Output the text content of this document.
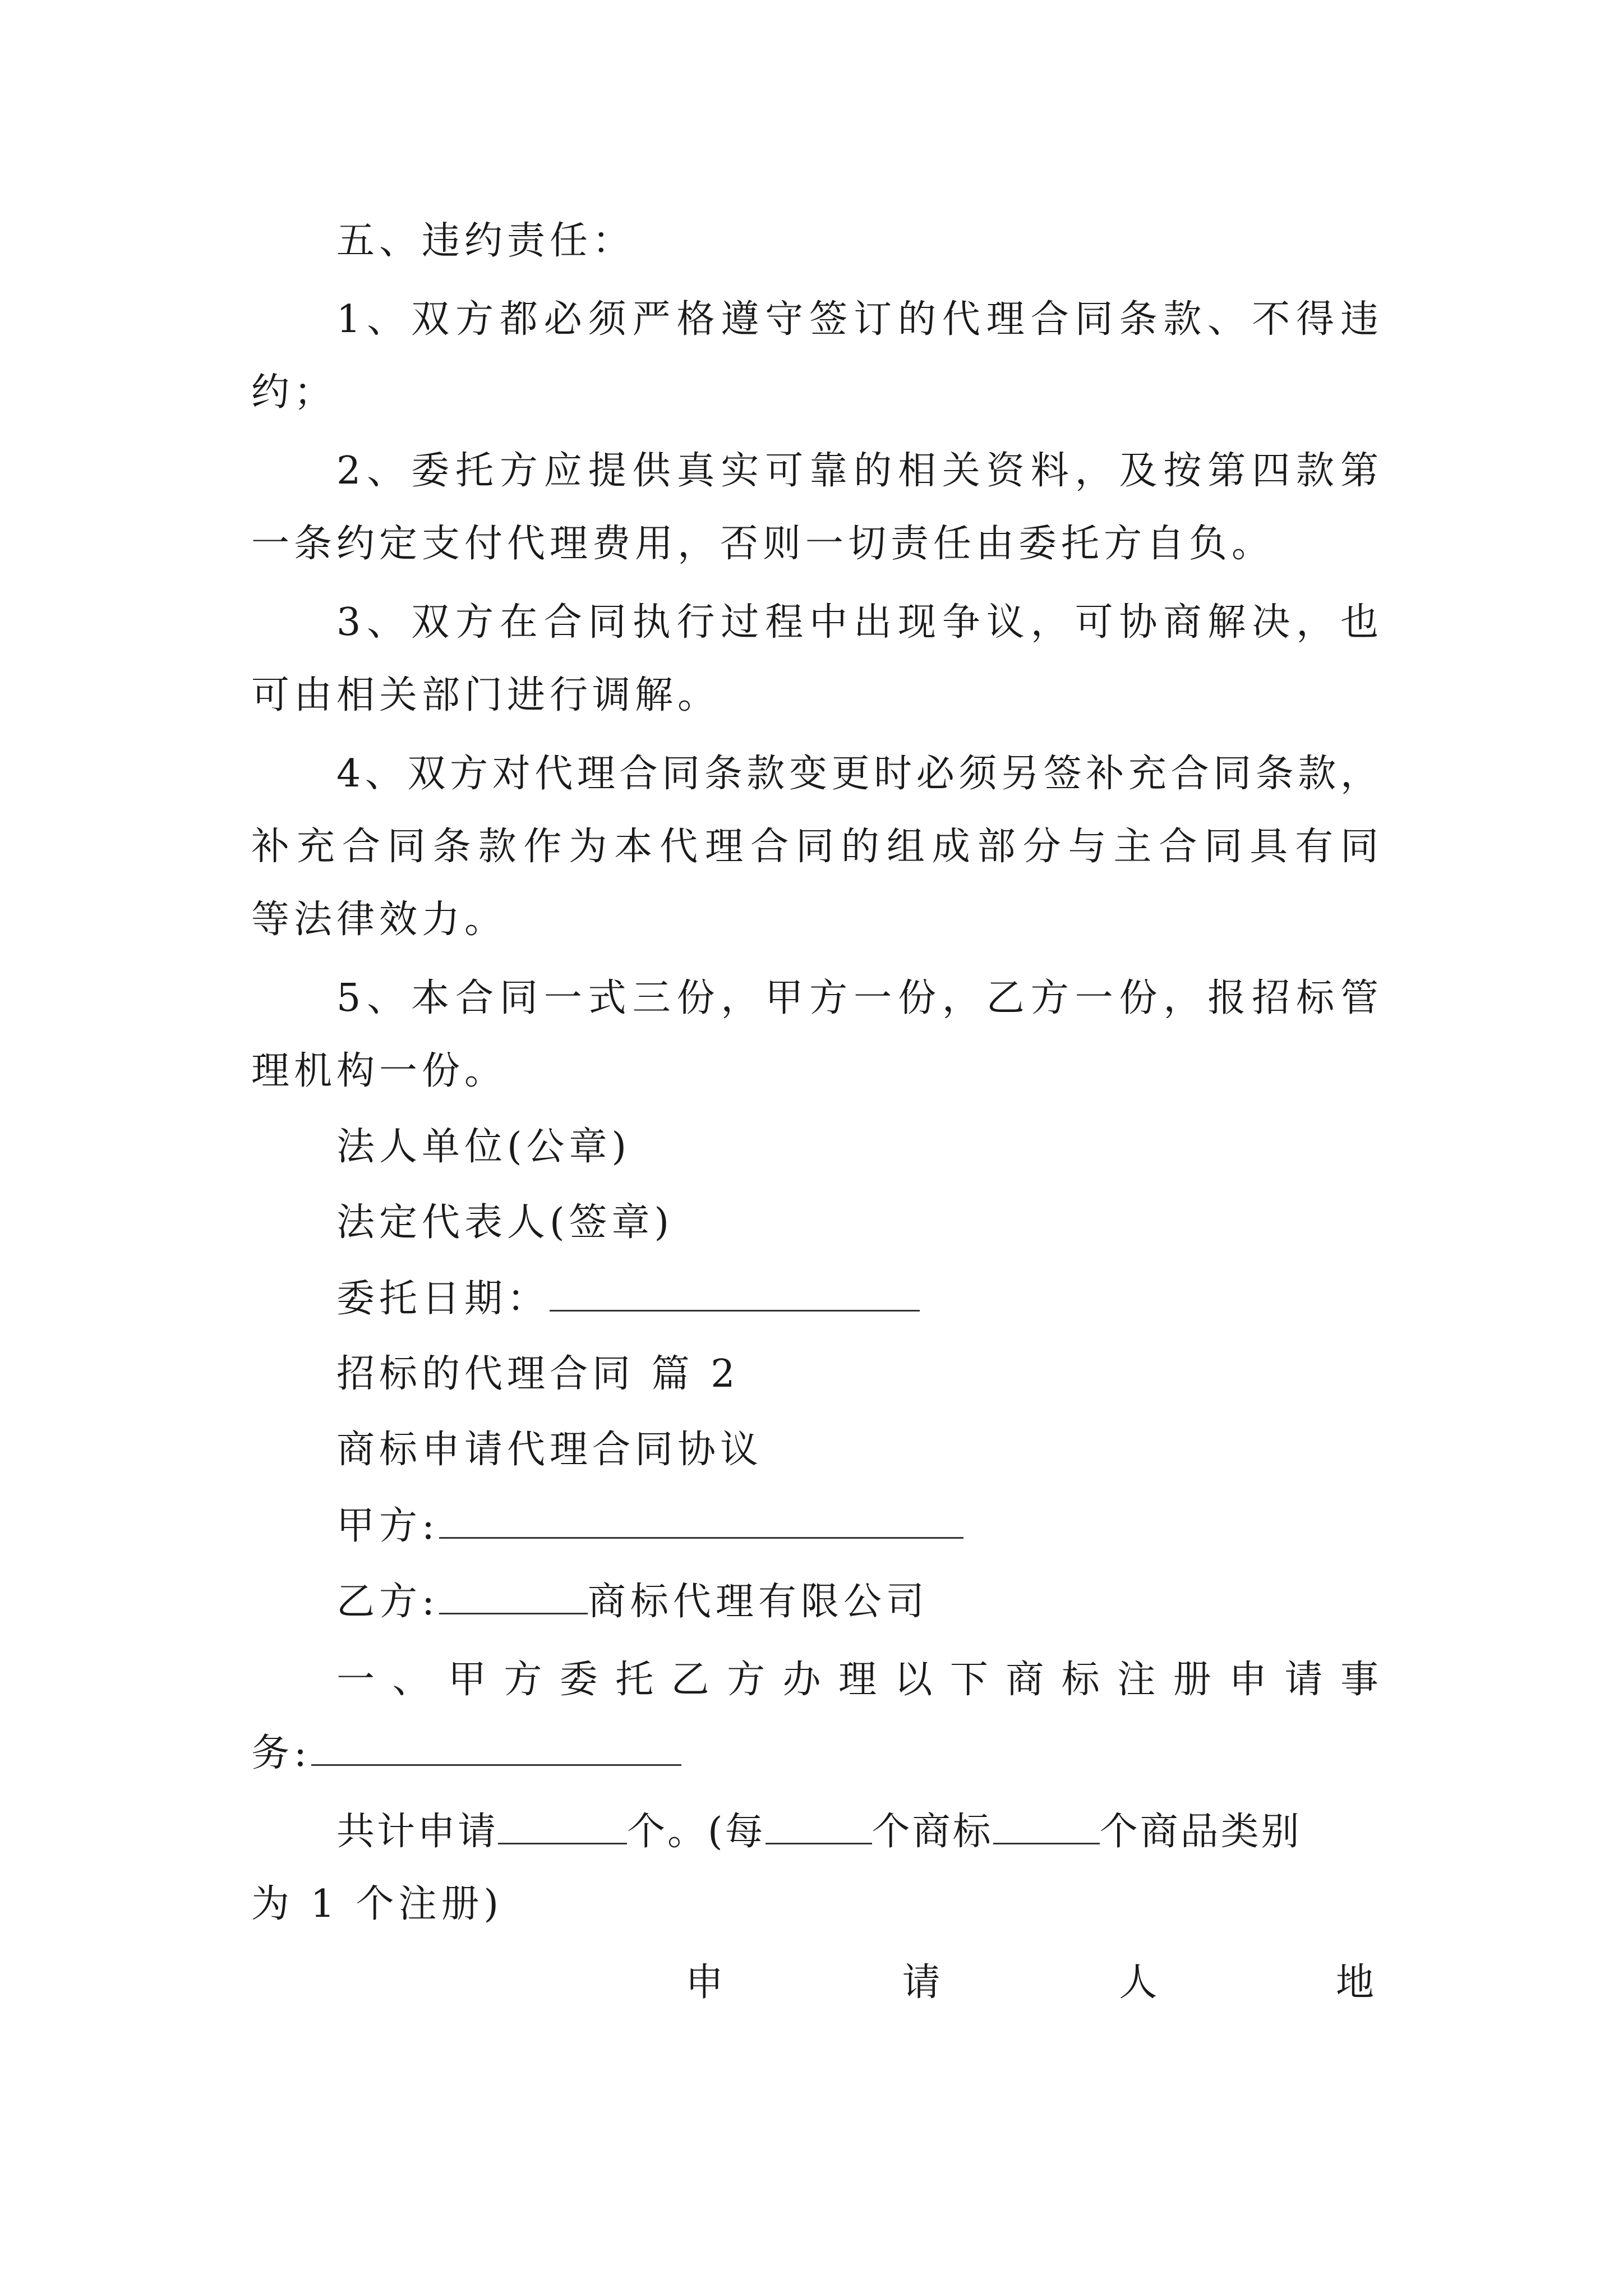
五、违约责任：
1、双方都必须严格遵守签订的代理合同条款、不得违
约；
2、委托方应提供真实可靠的相关资料，及按第四款第
一条约定支付代理费用，否则一切责任由委托方自负。
3、双方在合同执行过程中出现争议，可协商解决，也
可由相关部门进行调解。
4、双方对代理合同条款变更时必须另签补充合同条款，
补充合同条款作为本代理合同的组成部分与主合同具有同
等法律效力。
5、本合同一式三份，甲方一份，乙方一份，报招标管
理机构一份。
法人单位(公章)
法定代表人(签章)
委托日期：
招标的代理合同 篇 2
商标申请代理合同协议
甲方:
乙方:	商标代理有限公司
一、甲方委托乙方办理以下商标注册申请事
务:
共计申请	个。(每	个商标	个商品类别
为 1 个注册)
申	请	人	地
